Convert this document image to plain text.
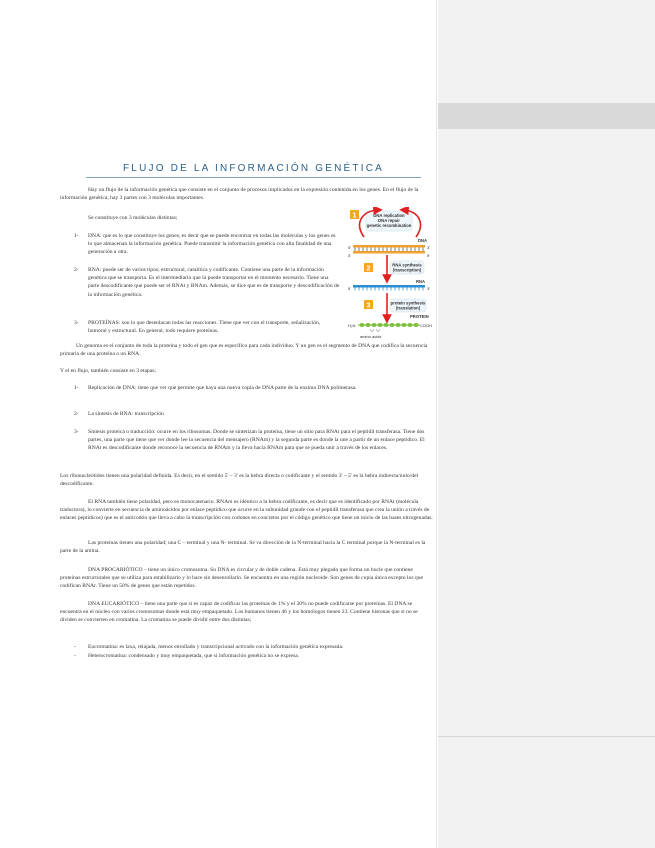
FLUJO DE LA INFORMACIÓN GENÉTICA

Hay un flujo de la información genética que consiste en el conjunto de procesos implicados en la expresión contenida en los genes. En el flujo de la información genética, hay 3 partes con 3 moléculas importantes.

Se constituye con 3 moléculas distintas;

1- DNA: que es lo que constituye los genes, es decir que se puede encontrar en todas las moléculas y los genes es lo que almacenan la información genética. Puede transmitir la información genética con alta finalidad de una generación a otra.

2- RNA: puede ser de varios tipos; estructural, catalítica y codificante. Contiene una parte de la información genética que se transporta. Es el intermediario que la puede transportar en el momento necesario. Tiene una parte descodificante que puede ser el RNAt y RNAm. Además, se dice que es de transporte y descodificación de la información genética.

3- PROTEÍNAS: son lo que desenlacan todas las reacciones. Tiene que ver con el transporte, señalización, humoral y estructural. En general, todo requiere proteínas.

Un genoma es el conjunto de toda la proteína y todo el gen que es específico para cada individuo. Y un gen es el segmento de DNA que codifica la secuencia primaria de una proteína o un RNA.

Y el en flujo, también consiste en 3 etapas;

1- Replicación de DNA: tiene que ver que permite que haya una nueva copia de DNA parte de la enzima DNA polimerasa.

2- La síntesis de RNA: transcripción

3- Síntesis proteica o traducción: ocurre en los ribosomas. Donde se sintetizan la proteína, tiene un sitio para RNAt para el peptidil transferasa. Tiene dos partes, una parte que tiene que ver donde lee la secuencia del mensajero (RNAm) y la segunda parte es donde la une a partir de un enlace peptídico. El RNAt es descodificante donde reconoce la secuencia de RNAm y la lleva hacia RNAm para que se pueda unir a través de los enlaces.

Los ribonucleótidos tienen una polaridad definida. Es decir, en el sentido 5' – 3' es la hebra directa o codificante y el sentido 3' – 5' es la hebra indirecta/nulo/del descodificante.

El RNA también tiene polaridad, pero es monocatenario. RNAm es idéntico a la hebra codificante, es decir que es identificado por RNAt (molécula traductora), lo convierte en secuencia de aminoácidos por enlace peptídico que ocurre en la subunidad grande con el peptidil transferasa que crea la unión a través de enlaces peptídicos) que es el anticodón que lleva a cabo la transcripción con codones en concretos por el código genético que tiene un inicio de las bases nitrogenadas.

Las proteínas tienen una polaridad; una C – terminal y una N- terminal. Se va dirección de la N-terminal hacia la C terminal porque la N-terminal es la parte de la amina.

DNA PROCARIÓTICO – tiene un único cromosoma. Su DNA es circular y de doble cadena. Está muy plegado que forma un bucle que contiene proteínas estructurales que se utiliza para estabilizarlo y lo hace sin desenrollarlo. Se encuentra en una región nucleoide. Son genes de copia única excepto los que codifican RNAr. Tiene un 50% de genes que están repetidos.

DNA EUCARIÓTICO – tiene una parte que si es capaz de codificar las proteínas de 1% y el 30% no puede codificarse por proteínas. El DNA se encuentra en el núcleo con varios cromosomas donde está muy empaquetado. Los humanos tienen 46 y los homólogos tienen 23. Contiene histonas que si no se dividen se convierten en cromatina. La cromatina se puede dividir entre dos distintas;

- Eucromatina: es laxa, relajada, menos enrollado y transcripcional activado con la información genética expresada.

- Heterocromatina: condensado y muy empaquetada, que si información genética no se expresa.

1	DNA replication
DNA repair
genetic recombination
DNA
5'	3'
3'	5'
2
RNA synthesis
(transcription)
RNA
5'	3'
3	protein synthesis
(translation)
PROTEIN
H₂N	COOH
amino acids
